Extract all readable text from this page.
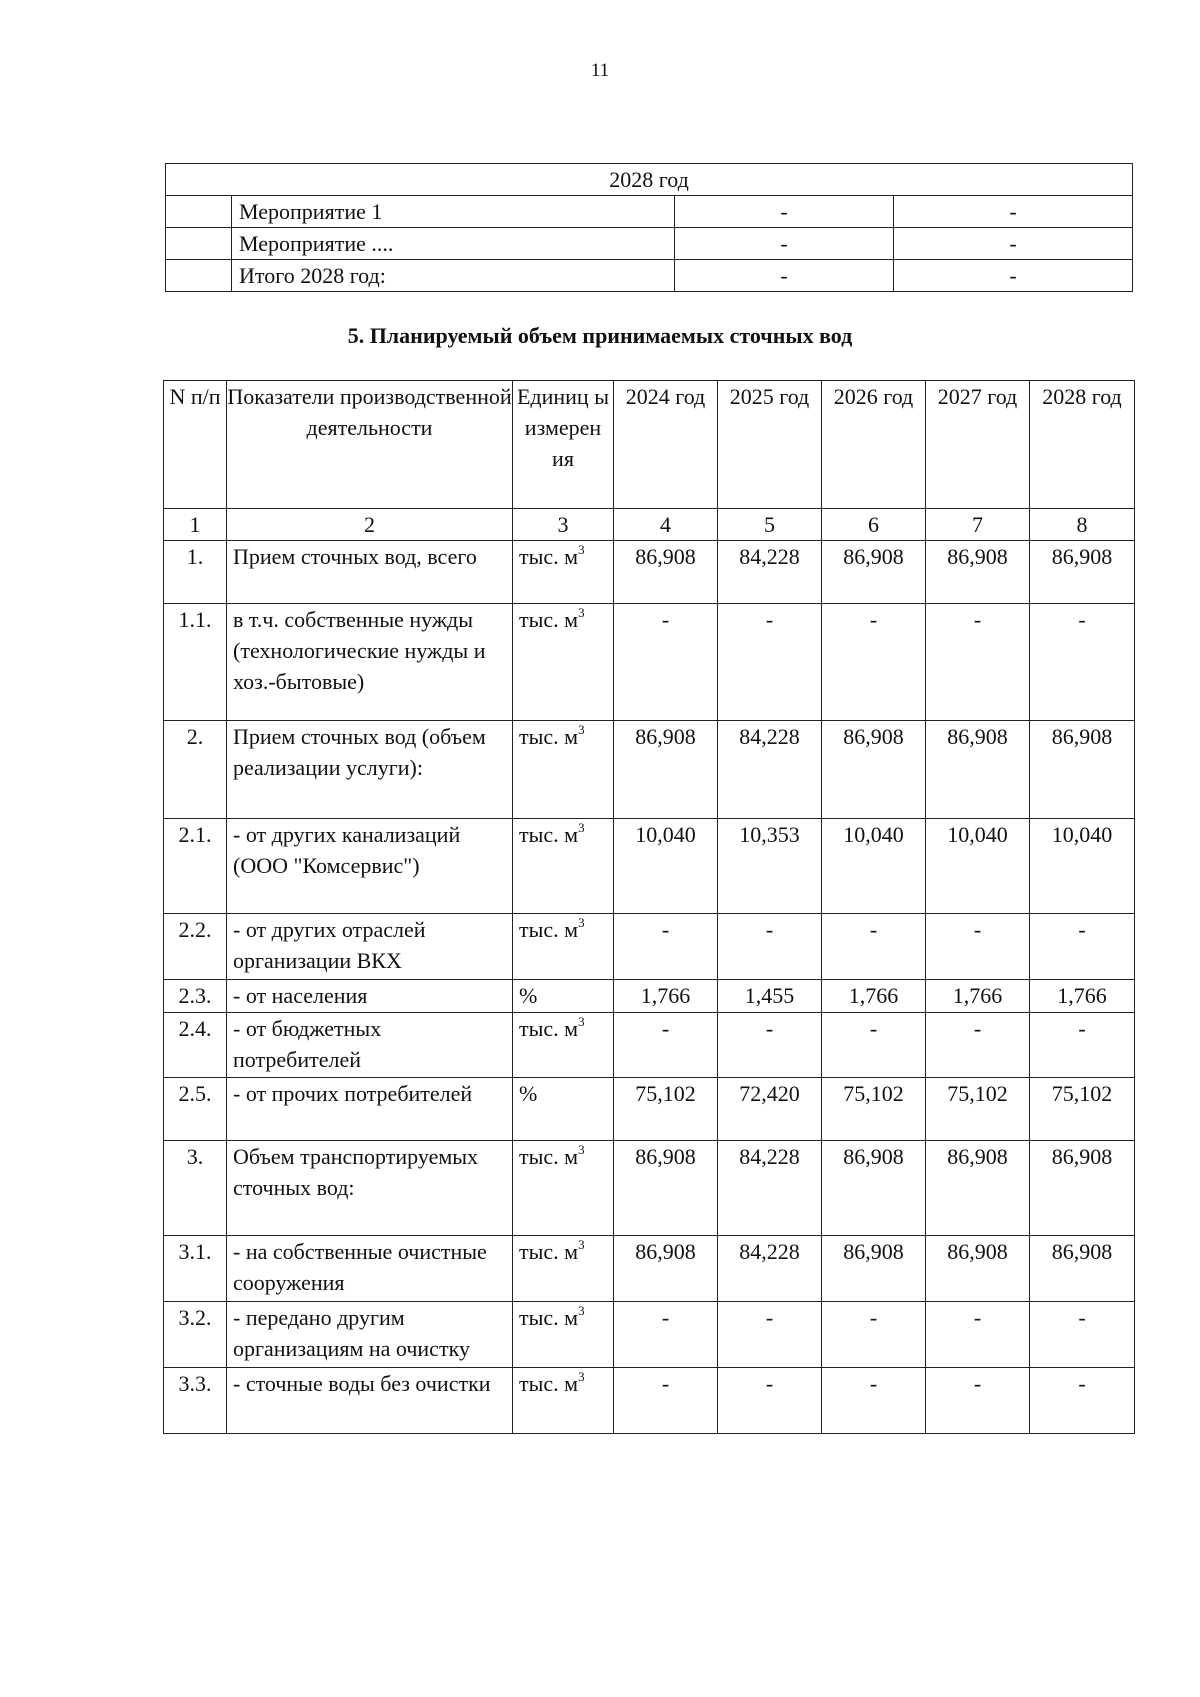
11
2028 год			
	Мероприятие 1	-	-
	Мероприятие ....	-	-
	Итого 2028 год:	-	-
5. Планируемый объем принимаемых сточных вод
N п/п	Показатели производственной деятельности	Единиц ы измерен ия	2024 год	2025 год	2026 год	2027 год	2028 год
1	2	3	4	5	6	7	8
1.	Прием сточных вод, всего	тыс. $м^3$	86,908	84,228	86,908	86,908	86,908
1.1.	в т.ч. собственные нужды (технологические нужды и хоз.-бытовые)	тыс. $м^3$	-	-	-	-	-
2.	Прием сточных вод (объем реализации услуги):	тыс. $м^3$	86,908	84,228	86,908	86,908	86,908
2.1.	- от других канализаций (ООО "Комсервис")	тыс. $м^3$	10,040	10,353	10,040	10,040	10,040
2.2.	- от других отраслей организации ВКХ	тыс. $м^3$	-	-	-	-	-
2.3.	- от населения	%	1,766	1,455	1,766	1,766	1,766
2.4.	- от бюджетных потребителей	тыс. $м^3$	-	-	-	-	-
2.5.	- от прочих потребителей	%	75,102	72,420	75,102	75,102	75,102
3.	Объем транспортируемых сточных вод:	тыс. $м^3$	86,908	84,228	86,908	86,908	86,908
3.1.	- на собственные очистные сооружения	тыс. $м^3$	86,908	84,228	86,908	86,908	86,908
3.2.	- передано другим организациям на очистку	тыс. $м^3$	-	-	-	-	-
3.3.	- сточные воды без очистки	тыс. $м^3$	-	-	-	-	-
